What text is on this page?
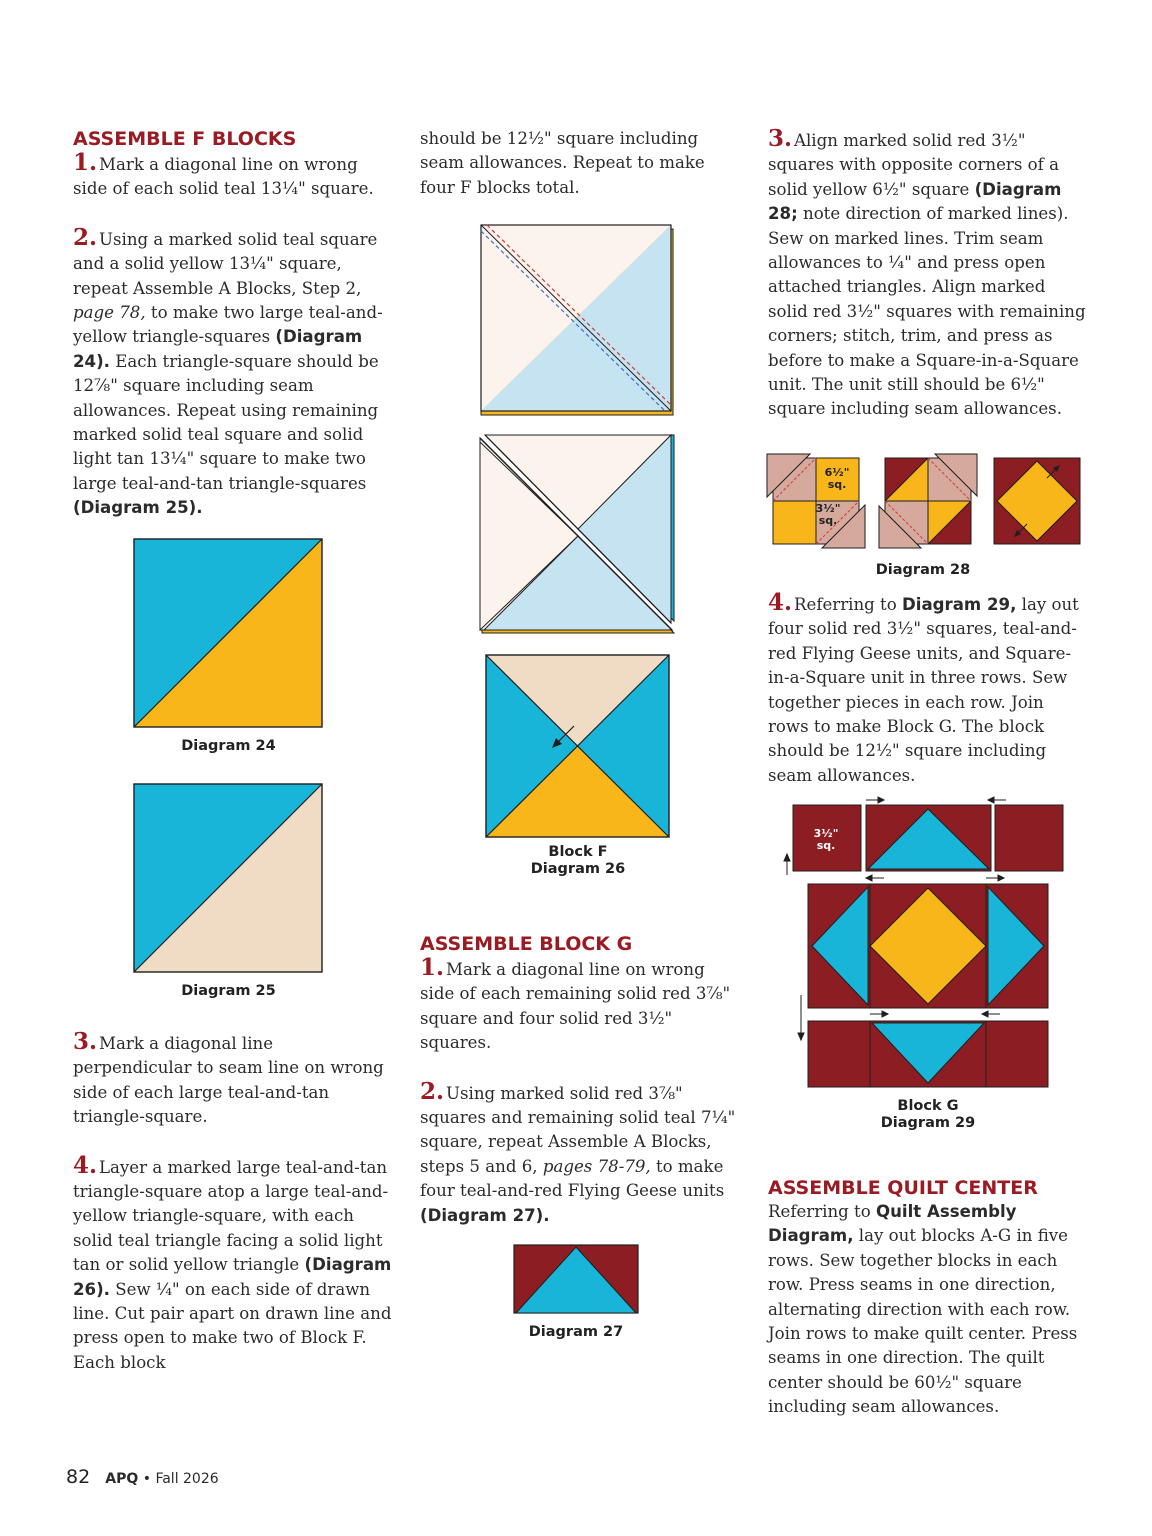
ASSEMBLE F BLOCKS

1. Mark a diagonal line on wrong side of each solid teal 13¹⁄₄" square.

2. Using a marked solid teal square and a solid yellow 13¹⁄₄" square, repeat Assemble A Blocks, Step 2, page 78, to make two large teal-and-yellow triangle-squares (Diagram 24). Each triangle-square should be 12⁷⁄₈" square including seam allowances. Repeat using remaining marked solid teal square and solid light tan 13¹⁄₄" square to make two large teal-and-tan triangle-squares (Diagram 25).

Diagram 24
Diagram 25

3. Mark a diagonal line perpendicular to seam line on wrong side of each large teal-and-tan triangle-square.

4. Layer a marked large teal-and-tan triangle-square atop a large teal-and-yellow triangle-square, with each solid teal triangle facing a solid light tan or solid yellow triangle (Diagram 26). Sew ¹⁄₄" on each side of drawn line. Cut pair apart on drawn line and press open to make two of Block F. Each block

should be 12¹⁄₂" square including seam allowances. Repeat to make four F blocks total.

Block F
Diagram 26
ASSEMBLE BLOCK G

1. Mark a diagonal line on wrong side of each remaining solid red 3⁷⁄₈" square and four solid red 3¹⁄₂" squares.

2. Using marked solid red 3⁷⁄₈" squares and remaining solid teal 7¹⁄₄" square, repeat Assemble A Blocks, steps 5 and 6, pages 78-79, to make four teal-and-red Flying Geese units (Diagram 27).

Diagram 27

3. Align marked solid red 3¹⁄₂" squares with opposite corners of a solid yellow 6¹⁄₂" square (Diagram 28; note direction of marked lines). Sew on marked lines. Trim seam allowances to ¹⁄₄" and press open attached triangles. Align marked solid red 3¹⁄₂" squares with remaining corners; stitch, trim, and press as before to make a Square-in-a-Square unit. The unit still should be 6¹⁄₂" square including seam allowances.

6¹⁄₂"
sq.
3¹⁄₂"
sq.
Diagram 28

4. Referring to Diagram 29, lay out four solid red 3¹⁄₂" squares, teal-and-red Flying Geese units, and Square-in-a-Square unit in three rows. Sew together pieces in each row. Join rows to make Block G. The block should be 12¹⁄₂" square including seam allowances.

3¹⁄₂"
sq.
Block G
Diagram 29
ASSEMBLE QUILT CENTER

Referring to Quilt Assembly Diagram, lay out blocks A-G in five rows. Sew together blocks in each row. Press seams in one direction, alternating direction with each row. Join rows to make quilt center. Press seams in one direction. The quilt center should be 60¹⁄₂" square including seam allowances.

82 APQ • Fall 2026
